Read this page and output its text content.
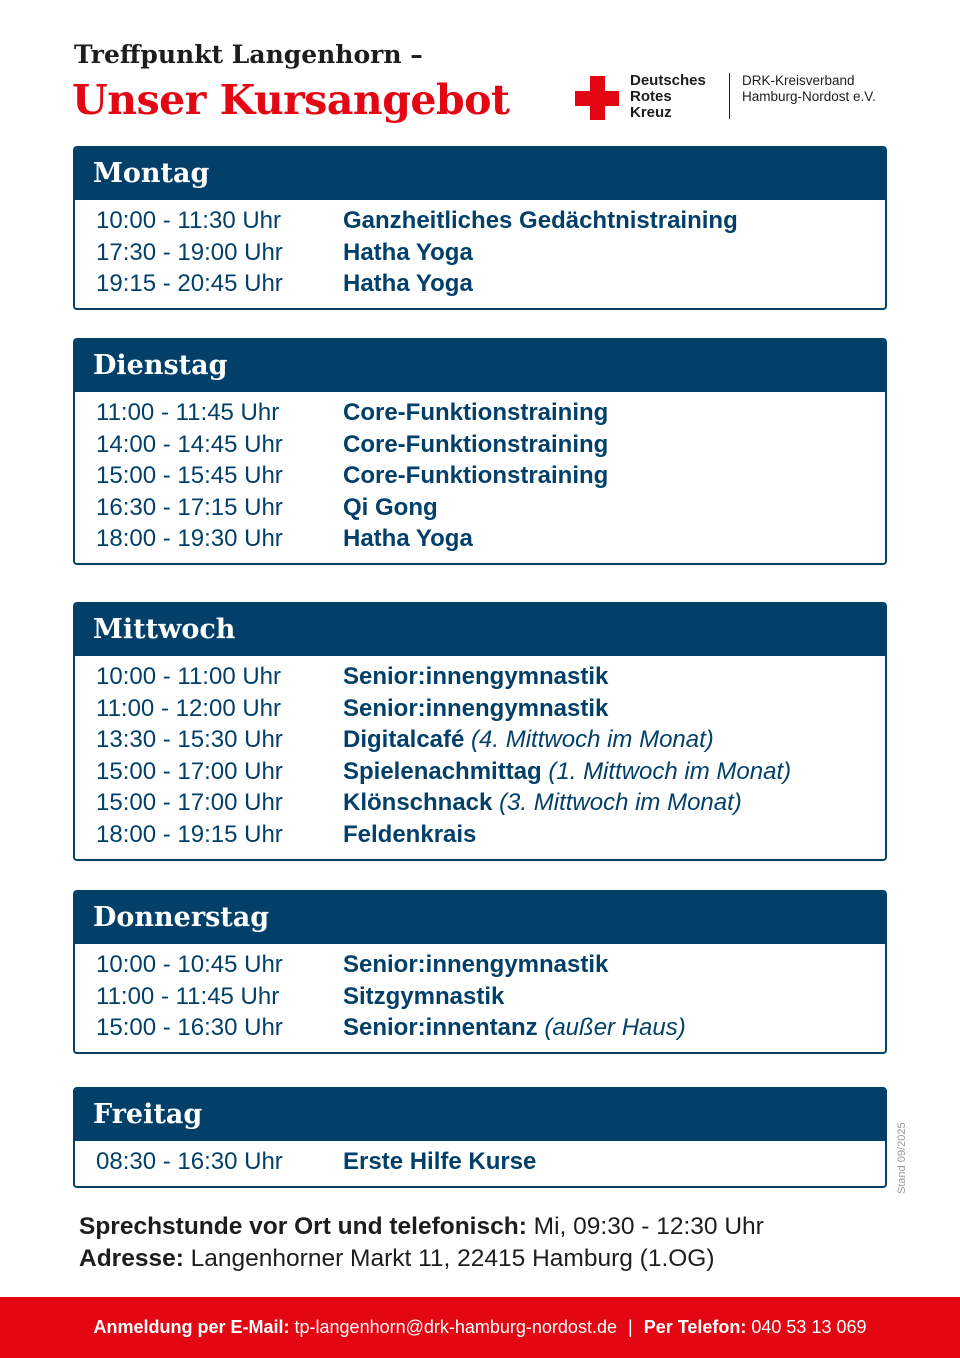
Treffpunkt Langenhorn –
Unser Kursangebot	Deutsches
Rotes
Kreuz
DRK-Kreisverband
Hamburg-Nordost e.V.
Montag
10:00 - 11:30 Uhr	Ganzheitliches Gedächtnistraining
17:30 - 19:00 Uhr	Hatha Yoga
19:15 - 20:45 Uhr	Hatha Yoga
Dienstag
11:00 - 11:45 Uhr	Core-Funktionstraining
14:00 - 14:45 Uhr	Core-Funktionstraining
15:00 - 15:45 Uhr	Core-Funktionstraining
16:30 - 17:15 Uhr	Qi Gong
18:00 - 19:30 Uhr	Hatha Yoga
Mittwoch
10:00 - 11:00 Uhr	Senior:innengymnastik
11:00 - 12:00 Uhr	Senior:innengymnastik
13:30 - 15:30 Uhr	Digitalcafé (4. Mittwoch im Monat)
15:00 - 17:00 Uhr	Spielenachmittag (1. Mittwoch im Monat)
15:00 - 17:00 Uhr	Klönschnack (3. Mittwoch im Monat)
18:00 - 19:15 Uhr	Feldenkrais
Donnerstag
10:00 - 10:45 Uhr	Senior:innengymnastik
11:00 - 11:45 Uhr	Sitzgymnastik
15:00 - 16:30 Uhr	Senior:innentanz (außer Haus)
Freitag
08:30 - 16:30 Uhr	Erste Hilfe Kurse	Stand 09/2025
Sprechstunde vor Ort und telefonisch: Mi, 09:30 - 12:30 Uhr
Adresse: Langenhorner Markt 11, 22415 Hamburg (1.OG)
Anmeldung per E-Mail: tp-langenhorn@drk-hamburg-nordost.de | Per Telefon: 040 53 13 069
